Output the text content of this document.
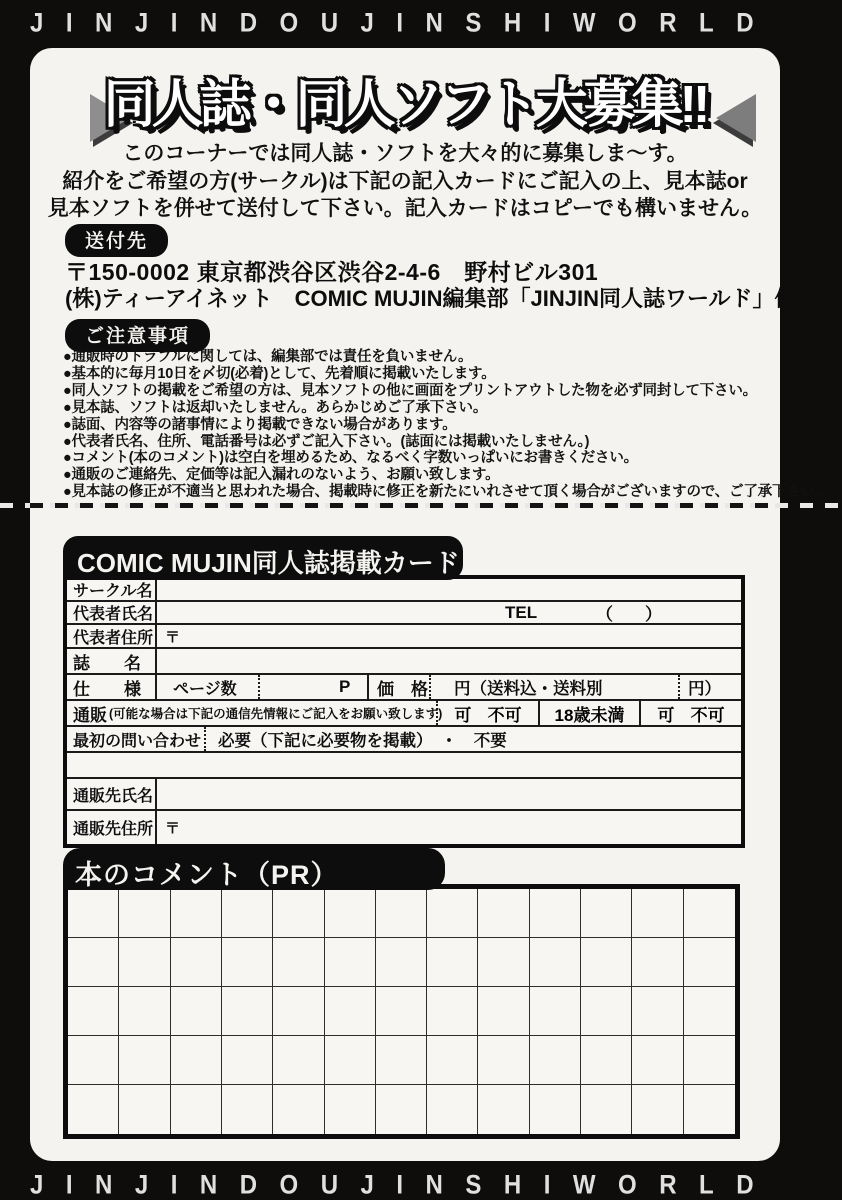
JINJINDOUJINSHIWORLD
同人誌・同人ソフト大募集!!
このコーナーでは同人誌・ソフトを大々的に募集しま～す。
紹介をご希望の方(サークル)は下記の記入カードにご記入の上、見本誌or
見本ソフトを併せて送付して下さい。記入カードはコピーでも構いません。
送付先
〒150-0002 東京都渋谷区渋谷2-4-6　野村ビル301
(株)ティーアイネット　COMIC MUJIN編集部「JINJIN同人誌ワールド」係
ご注意事項
●通販時のトラブルに関しては、編集部では責任を負いません。
●基本的に毎月10日を〆切(必着)として、先着順に掲載いたします。
●同人ソフトの掲載をご希望の方は、見本ソフトの他に画面をプリントアウトした物を必ず同封して下さい。
●見本誌、ソフトは返却いたしません。あらかじめご了承下さい。
●誌面、内容等の諸事情により掲載できない場合があります。
●代表者氏名、住所、電話番号は必ずご記入下さい。(誌面には掲載いたしません。)
●コメント(本のコメント)は空白を埋めるため、なるべく字数いっぱいにお書きください。
●通販のご連絡先、定価等は記入漏れのないよう、お願い致します。
●見本誌の修正が不適当と思われた場合、掲載時に修正を新たにいれさせて頂く場合がございますので、ご了承下さい。
COMIC MUJIN同人誌掲載カード
サークル名
代表者氏名	TEL	（ ）
代表者住所 〒
誌　　名
仕　　様	ページ数	P 価　格 円（送料込・送料別	円）
通販 (可能な場合は下記の通信先情報にご記入をお願い致します) 可 不可 18歳未満 可 不可
最初の問い合わせ	必要（下記に必要物を掲載）　・　不要
通販先氏名
通販先住所 〒
本のコメント（PR）
JINJINDOUJINSHIWORLD
